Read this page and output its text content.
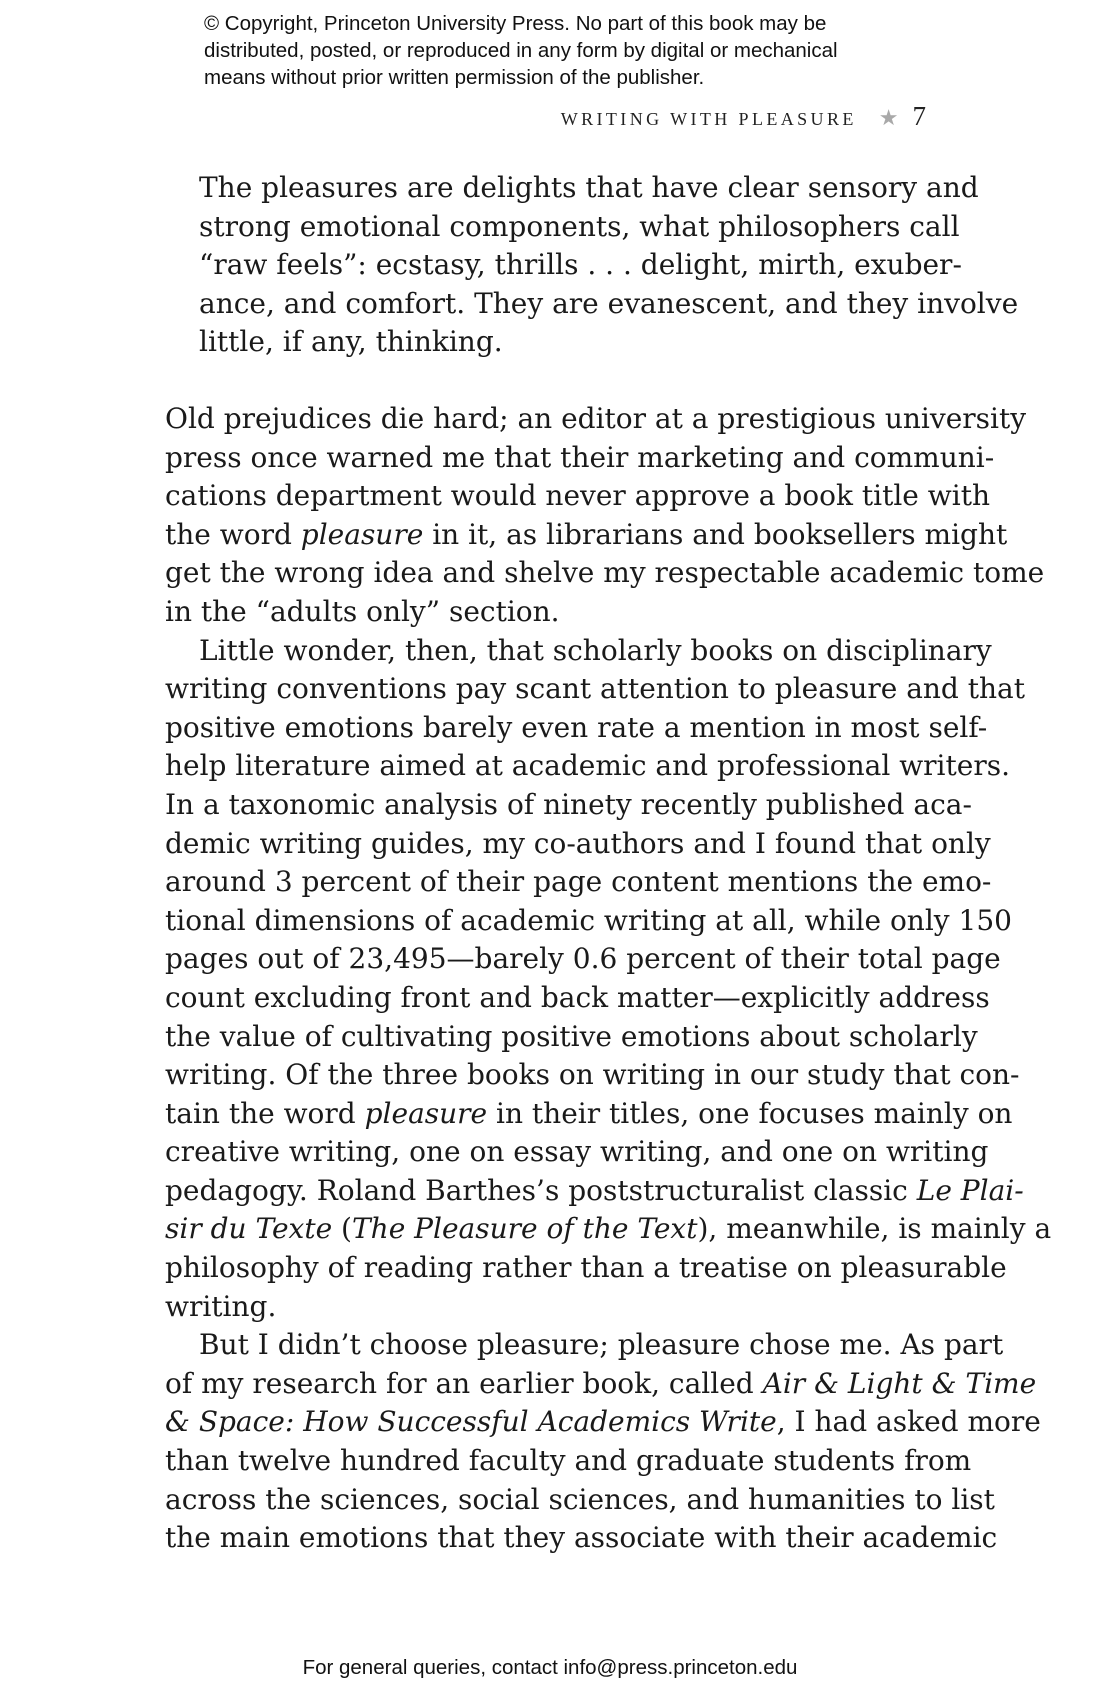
© Copyright, Princeton University Press. No part of this book may be
distributed, posted, or reproduced in any form by digital or mechanical
means without prior written permission of the publisher.
WRITING WITH PLEASURE ★ 7
The pleasures are delights that have clear sensory and
strong emotional components, what philosophers call
“raw feels”: ecstasy, thrills . . . delight, mirth, exuber-
ance, and comfort. They are evanescent, and they involve
little, if any, thinking.
Old prejudices die hard; an editor at a prestigious university
press once warned me that their marketing and communi-
cations department would never approve a book title with
the word pleasure in it, as librarians and booksellers might
get the wrong idea and shelve my respectable academic tome
in the “adults only” section.
Little wonder, then, that scholarly books on disciplinary
writing conventions pay scant attention to pleasure and that
positive emotions barely even rate a mention in most self-
help literature aimed at academic and professional writers.
In a taxonomic analysis of ninety recently published aca-
demic writing guides, my co-authors and I found that only
around 3 percent of their page content mentions the emo-
tional dimensions of academic writing at all, while only 150
pages out of 23,495—barely 0.6 percent of their total page
count excluding front and back matter—explicitly address
the value of cultivating positive emotions about scholarly
writing. Of the three books on writing in our study that con-
tain the word pleasure in their titles, one focuses mainly on
creative writing, one on essay writing, and one on writing
pedagogy. Roland Barthes’s poststructuralist classic Le Plai-
sir du Texte (The Pleasure of the Text), meanwhile, is mainly a
philosophy of reading rather than a treatise on pleasurable
writing.
But I didn’t choose pleasure; pleasure chose me. As part
of my research for an earlier book, called Air & Light & Time
& Space: How Successful Academics Write, I had asked more
than twelve hundred faculty and graduate students from
across the sciences, social sciences, and humanities to list
the main emotions that they associate with their academic
For general queries, contact info@press.princeton.edu
